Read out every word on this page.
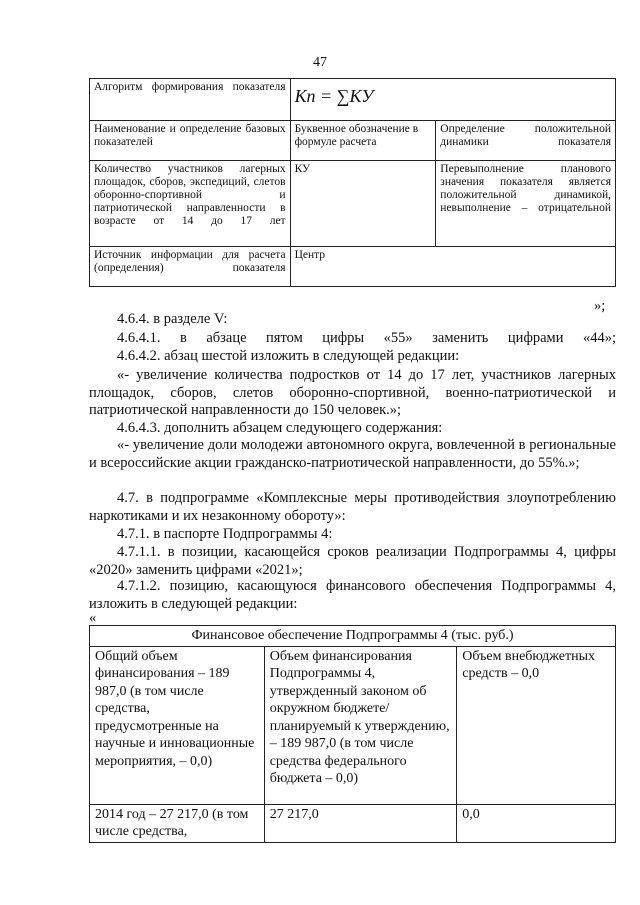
47
Алгоритм формирования показателя	Кп = ∑КУ	
Наименование и определение базовых показателей	Буквенное обозначение в формуле расчета	Определение положительной динамики показателя
Количество участников лагерных площадок, сборов, экспедиций, слетов оборонно-спортивной и патриотической направленности в возрасте от 14 до 17 лет	КУ	Перевыполнение планового значения показателя является положительной динамикой, невыполнение – отрицательной
Источник информации для расчета (определения) показателя	Центр	
»;
4.6.4. в разделе V:
4.6.4.1. в абзаце пятом цифры «55» заменить цифрами «44»;
4.6.4.2. абзац шестой изложить в следующей редакции:
«- увеличение количества подростков от 14 до 17 лет, участников лагерных площадок, сборов, слетов оборонно-спортивной, военно-патриотической и патриотической направленности до 150 человек.»;
4.6.4.3. дополнить абзацем следующего содержания:
«- увеличение доли молодежи автономного округа, вовлеченной в региональные и всероссийские акции гражданско-патриотической направленности, до 55%.»;
4.7. в подпрограмме «Комплексные меры противодействия злоупотреблению наркотиками и их незаконному обороту»:
4.7.1. в паспорте Подпрограммы 4:
4.7.1.1. в позиции, касающейся сроков реализации Подпрограммы 4, цифры «2020» заменить цифрами «2021»;
4.7.1.2. позицию, касающуюся финансового обеспечения Подпрограммы 4, изложить в следующей редакции:
«
Финансовое обеспечение Подпрограммы 4 (тыс. руб.)		
Общий объем финансирования – 189 987,0 (в том числе средства, предусмотренные на научные и инновационные мероприятия, – 0,0)	Объем финансирования Подпрограммы 4, утвержденный законом об окружном бюджете/ планируемый к утверждению, – 189 987,0 (в том числе средства федерального бюджета – 0,0)	Объем внебюджетных средств – 0,0
2014 год – 27 217,0 (в том числе средства,	27 217,0	0,0
